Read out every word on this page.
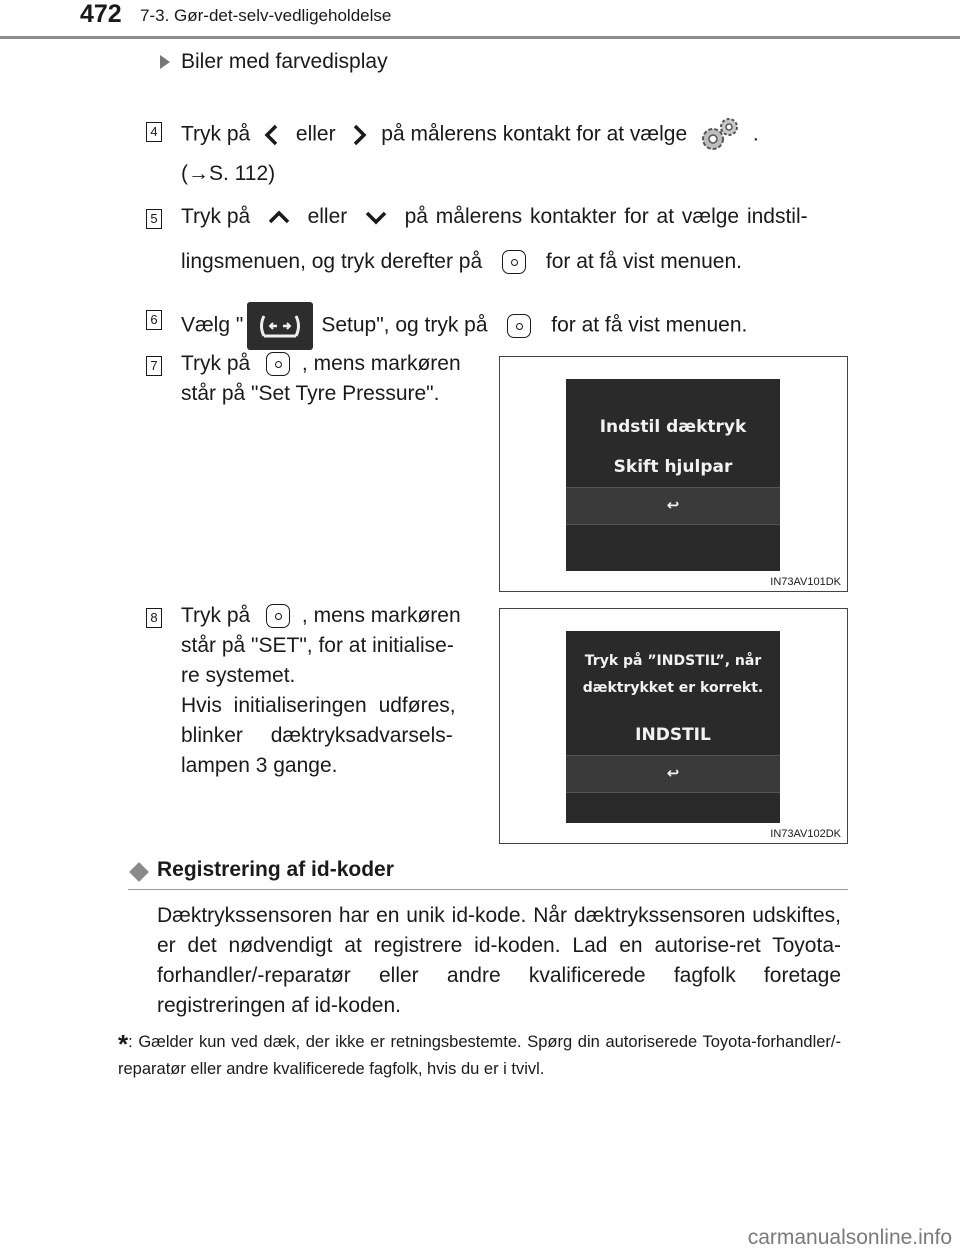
472 7-3. Gør-det-selv-vedligeholdelse
Biler med farvedisplay
4 Tryk på eller på målerens kontakt for at vælge	.
(→S. 112)
5 Tryk på	eller	på målerens kontakter for at vælge indstil-
lingsmenuen, og tryk derefter på	for at få vist menuen.
6 Vælg "	Setup", og tryk på	for at få vist menuen.
7 Tryk på , mens markøren
står på "Set Tyre Pressure".
Indstil dæktryk
Skift hjulpar
↩
IN73AV101DK
8 Tryk på , mens markøren
står på "SET", for at initialise-
re systemet.
Hvis initialiseringen udføres,
blinker dæktryksadvarsels-
lampen 3 gange.
Tryk på ”INDSTIL”, når
dæktrykket er korrekt.
INDSTIL
↩
IN73AV102DK
Registrering af id-koder
Dæktrykssensoren har en unik id-kode. Når dæktrykssensoren udskiftes, er det nødvendigt at registrere id-koden. Lad en autorise-ret Toyota-forhandler/-reparatør eller andre kvalificerede fagfolk foretage registreringen af id-koden.
*: Gælder kun ved dæk, der ikke er retningsbestemte. Spørg din autoriserede Toyota-forhandler/-reparatør eller andre kvalificerede fagfolk, hvis du er i tvivl.
carmanualsonline.info
